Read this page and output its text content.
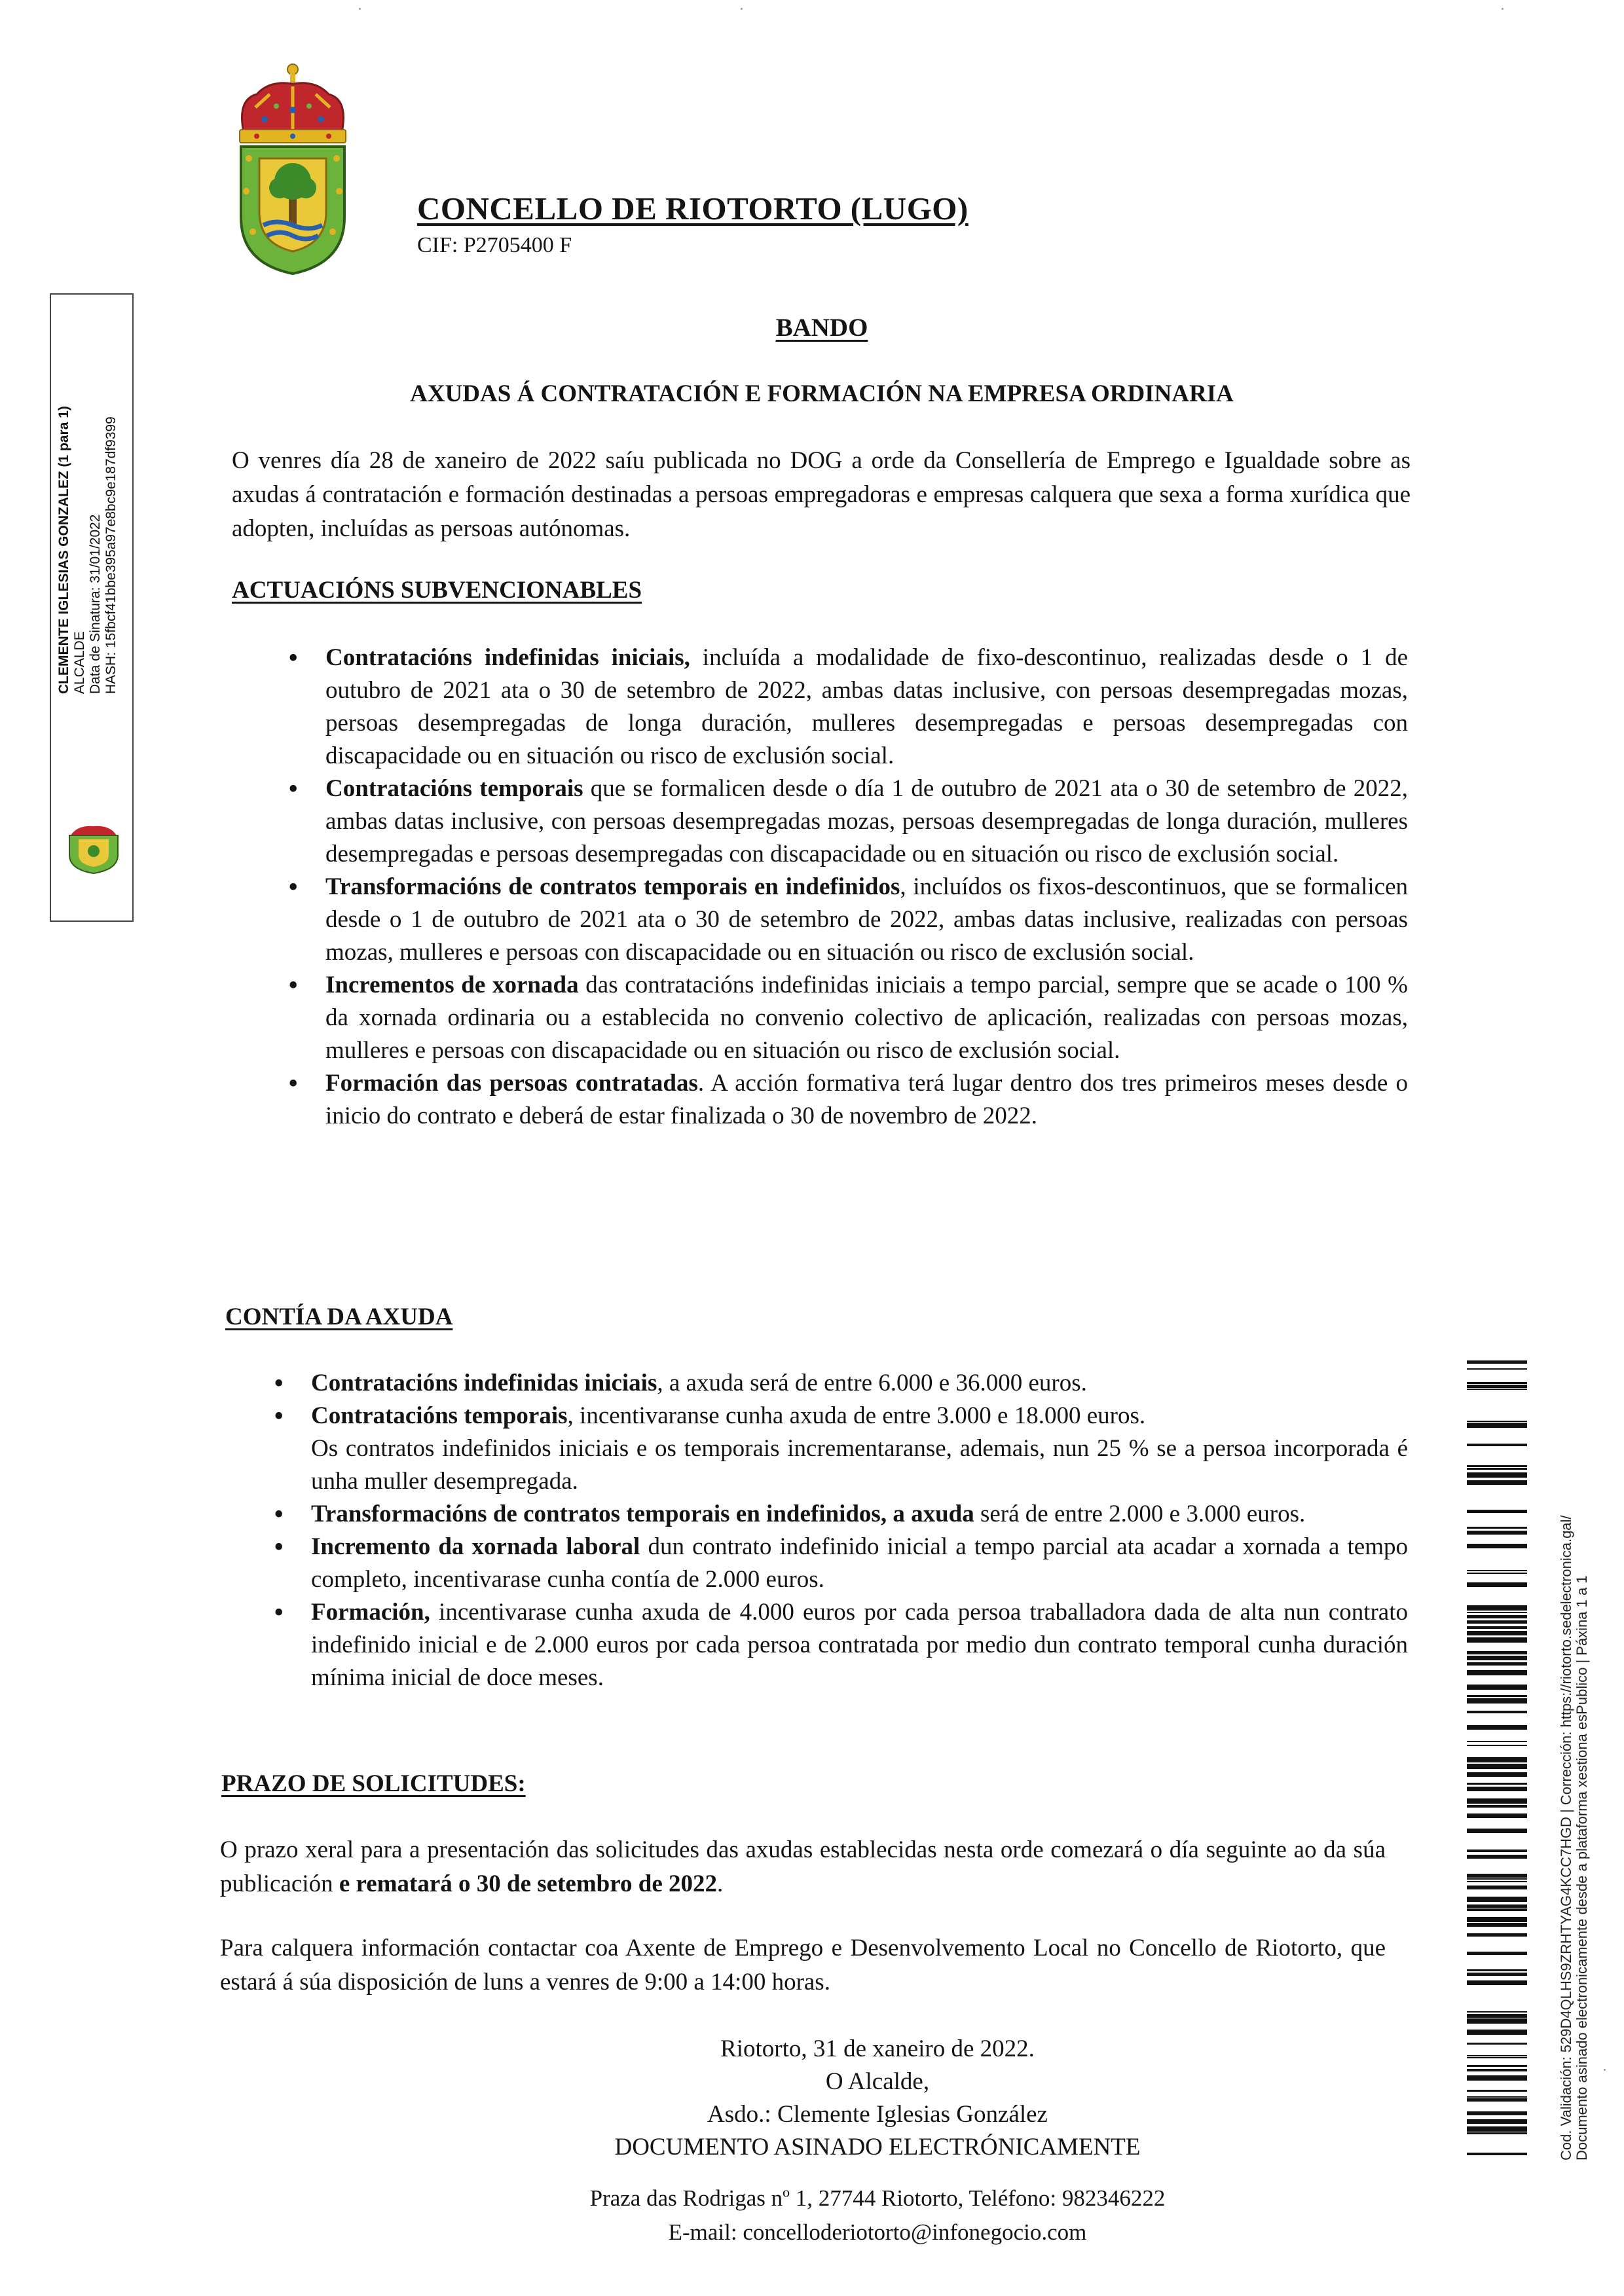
CONCELLO DE RIOTORTO (LUGO)
CIF: P2705400 F
CLEMENTE IGLESIAS GONZALEZ (1 para 1) ALCALDE Data de Sinatura: 31/01/2022 HASH: 15fbcf41bbe395a97e8bc9e187df9399
BANDO
AXUDAS Á CONTRATACIÓN E FORMACIÓN NA EMPRESA ORDINARIA
O venres día 28 de xaneiro de 2022 saíu publicada no DOG a orde da Consellería de Emprego e Igualdade sobre as axudas á contratación e formación destinadas a persoas empregadoras e empresas calquera que sexa a forma xurídica que adopten, incluídas as persoas autónomas.
ACTUACIÓNS SUBVENCIONABLES
• Contratacións indefinidas iniciais, incluída a modalidade de fixo-descontinuo, realizadas desde o 1 de outubro de 2021 ata o 30 de setembro de 2022, ambas datas inclusive, con persoas desempregadas mozas, persoas desempregadas de longa duración, mulleres desempregadas e persoas desempregadas con discapacidade ou en situación ou risco de exclusión social.
• Contratacións temporais que se formalicen desde o día 1 de outubro de 2021 ata o 30 de setembro de 2022, ambas datas inclusive, con persoas desempregadas mozas, persoas desempregadas de longa duración, mulleres desempregadas e persoas desempregadas con discapacidade ou en situación ou risco de exclusión social.
• Transformacións de contratos temporais en indefinidos, incluídos os fixos-descontinuos, que se formalicen desde o 1 de outubro de 2021 ata o 30 de setembro de 2022, ambas datas inclusive, realizadas con persoas mozas, mulleres e persoas con discapacidade ou en situación ou risco de exclusión social.
• Incrementos de xornada das contratacións indefinidas iniciais a tempo parcial, sempre que se acade o 100 % da xornada ordinaria ou a establecida no convenio colectivo de aplicación, realizadas con persoas mozas, mulleres e persoas con discapacidade ou en situación ou risco de exclusión social.
• Formación das persoas contratadas. A acción formativa terá lugar dentro dos tres primeiros meses desde o inicio do contrato e deberá de estar finalizada o 30 de novembro de 2022.
CONTÍA DA AXUDA
• Contratacións indefinidas iniciais, a axuda será de entre 6.000 e 36.000 euros.
• Contratacións temporais, incentivaranse cunha axuda de entre 3.000 e 18.000 euros.
Os contratos indefinidos iniciais e os temporais incrementaranse, ademais, nun 25 % se a persoa incorporada é unha muller desempregada.
• Transformacións de contratos temporais en indefinidos, a axuda será de entre 2.000 e 3.000 euros.
• Incremento da xornada laboral dun contrato indefinido inicial a tempo parcial ata acadar a xornada a tempo completo, incentivarase cunha contía de 2.000 euros.
• Formación, incentivarase cunha axuda de 4.000 euros por cada persoa traballadora dada de alta nun contrato indefinido inicial e de 2.000 euros por cada persoa contratada por medio dun contrato temporal cunha duración mínima inicial de doce meses.
PRAZO DE SOLICITUDES:
O prazo xeral para a presentación das solicitudes das axudas establecidas nesta orde comezará o día seguinte ao da súa publicación e rematará o 30 de setembro de 2022.
Para calquera información contactar coa Axente de Emprego e Desenvolvemento Local no Concello de Riotorto, que estará á súa disposición de luns a venres de 9:00 a 14:00 horas.
Riotorto, 31 de xaneiro de 2022.
O Alcalde,
Asdo.: Clemente Iglesias González
DOCUMENTO ASINADO ELECTRÓNICAMENTE
Praza das Rodrigas nº 1, 27744 Riotorto, Teléfono: 982346222
E-mail: concelloderiotorto@infonegocio.com
Cod. Validación: 529D4QLHS9ZRHTYAG4KCC7HGD | Corrección: https://riotorto.sedelectronica.gal/ Documento asinado electronicamente desde a plataforma xestiona esPublico | Páxina 1 a 1
